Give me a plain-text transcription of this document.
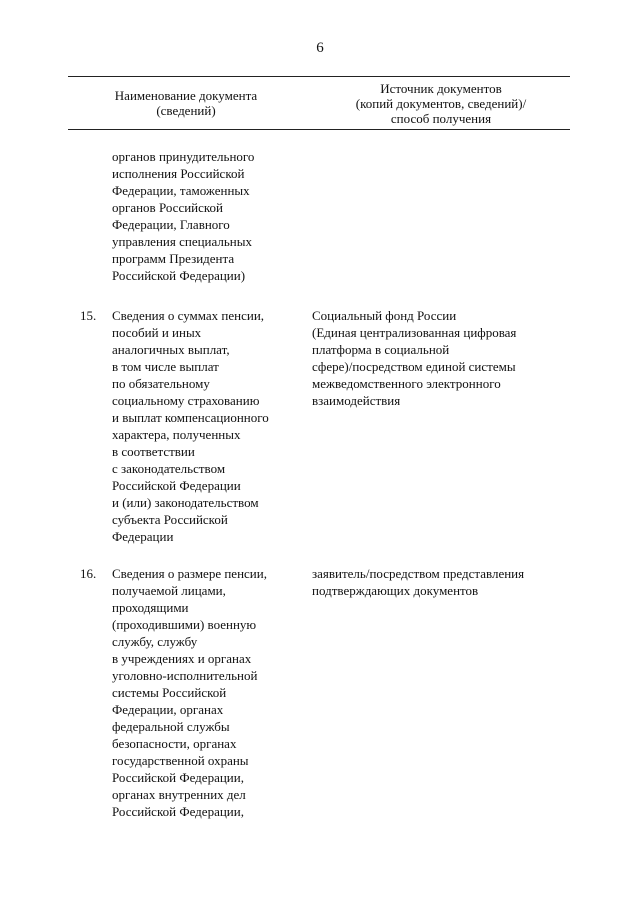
6
Наименование документа
(сведений)
Источник документов
(копий документов, сведений)/
способ получения
органов принудительного
исполнения Российской
Федерации, таможенных
органов Российской
Федерации, Главного
управления специальных
программ Президента
Российской Федерации)
15.	Сведения о суммах пенсии,
пособий и иных
аналогичных выплат,
в том числе выплат
по обязательному
социальному страхованию
и выплат компенсационного
характера, полученных
в соответствии
с законодательством
Российской Федерации
и (или) законодательством
субъекта Российской
Федерации
Социальный фонд России
(Единая централизованная цифровая
платформа в социальной
сфере)/посредством единой системы
межведомственного электронного
взаимодействия
16.	Сведения о размере пенсии,
получаемой лицами,
проходящими
(проходившими) военную
службу, службу
в учреждениях и органах
уголовно-исполнительной
системы Российской
Федерации, органах
федеральной службы
безопасности, органах
государственной охраны
Российской Федерации,
органах внутренних дел
Российской Федерации,
заявитель/посредством представления
подтверждающих документов
